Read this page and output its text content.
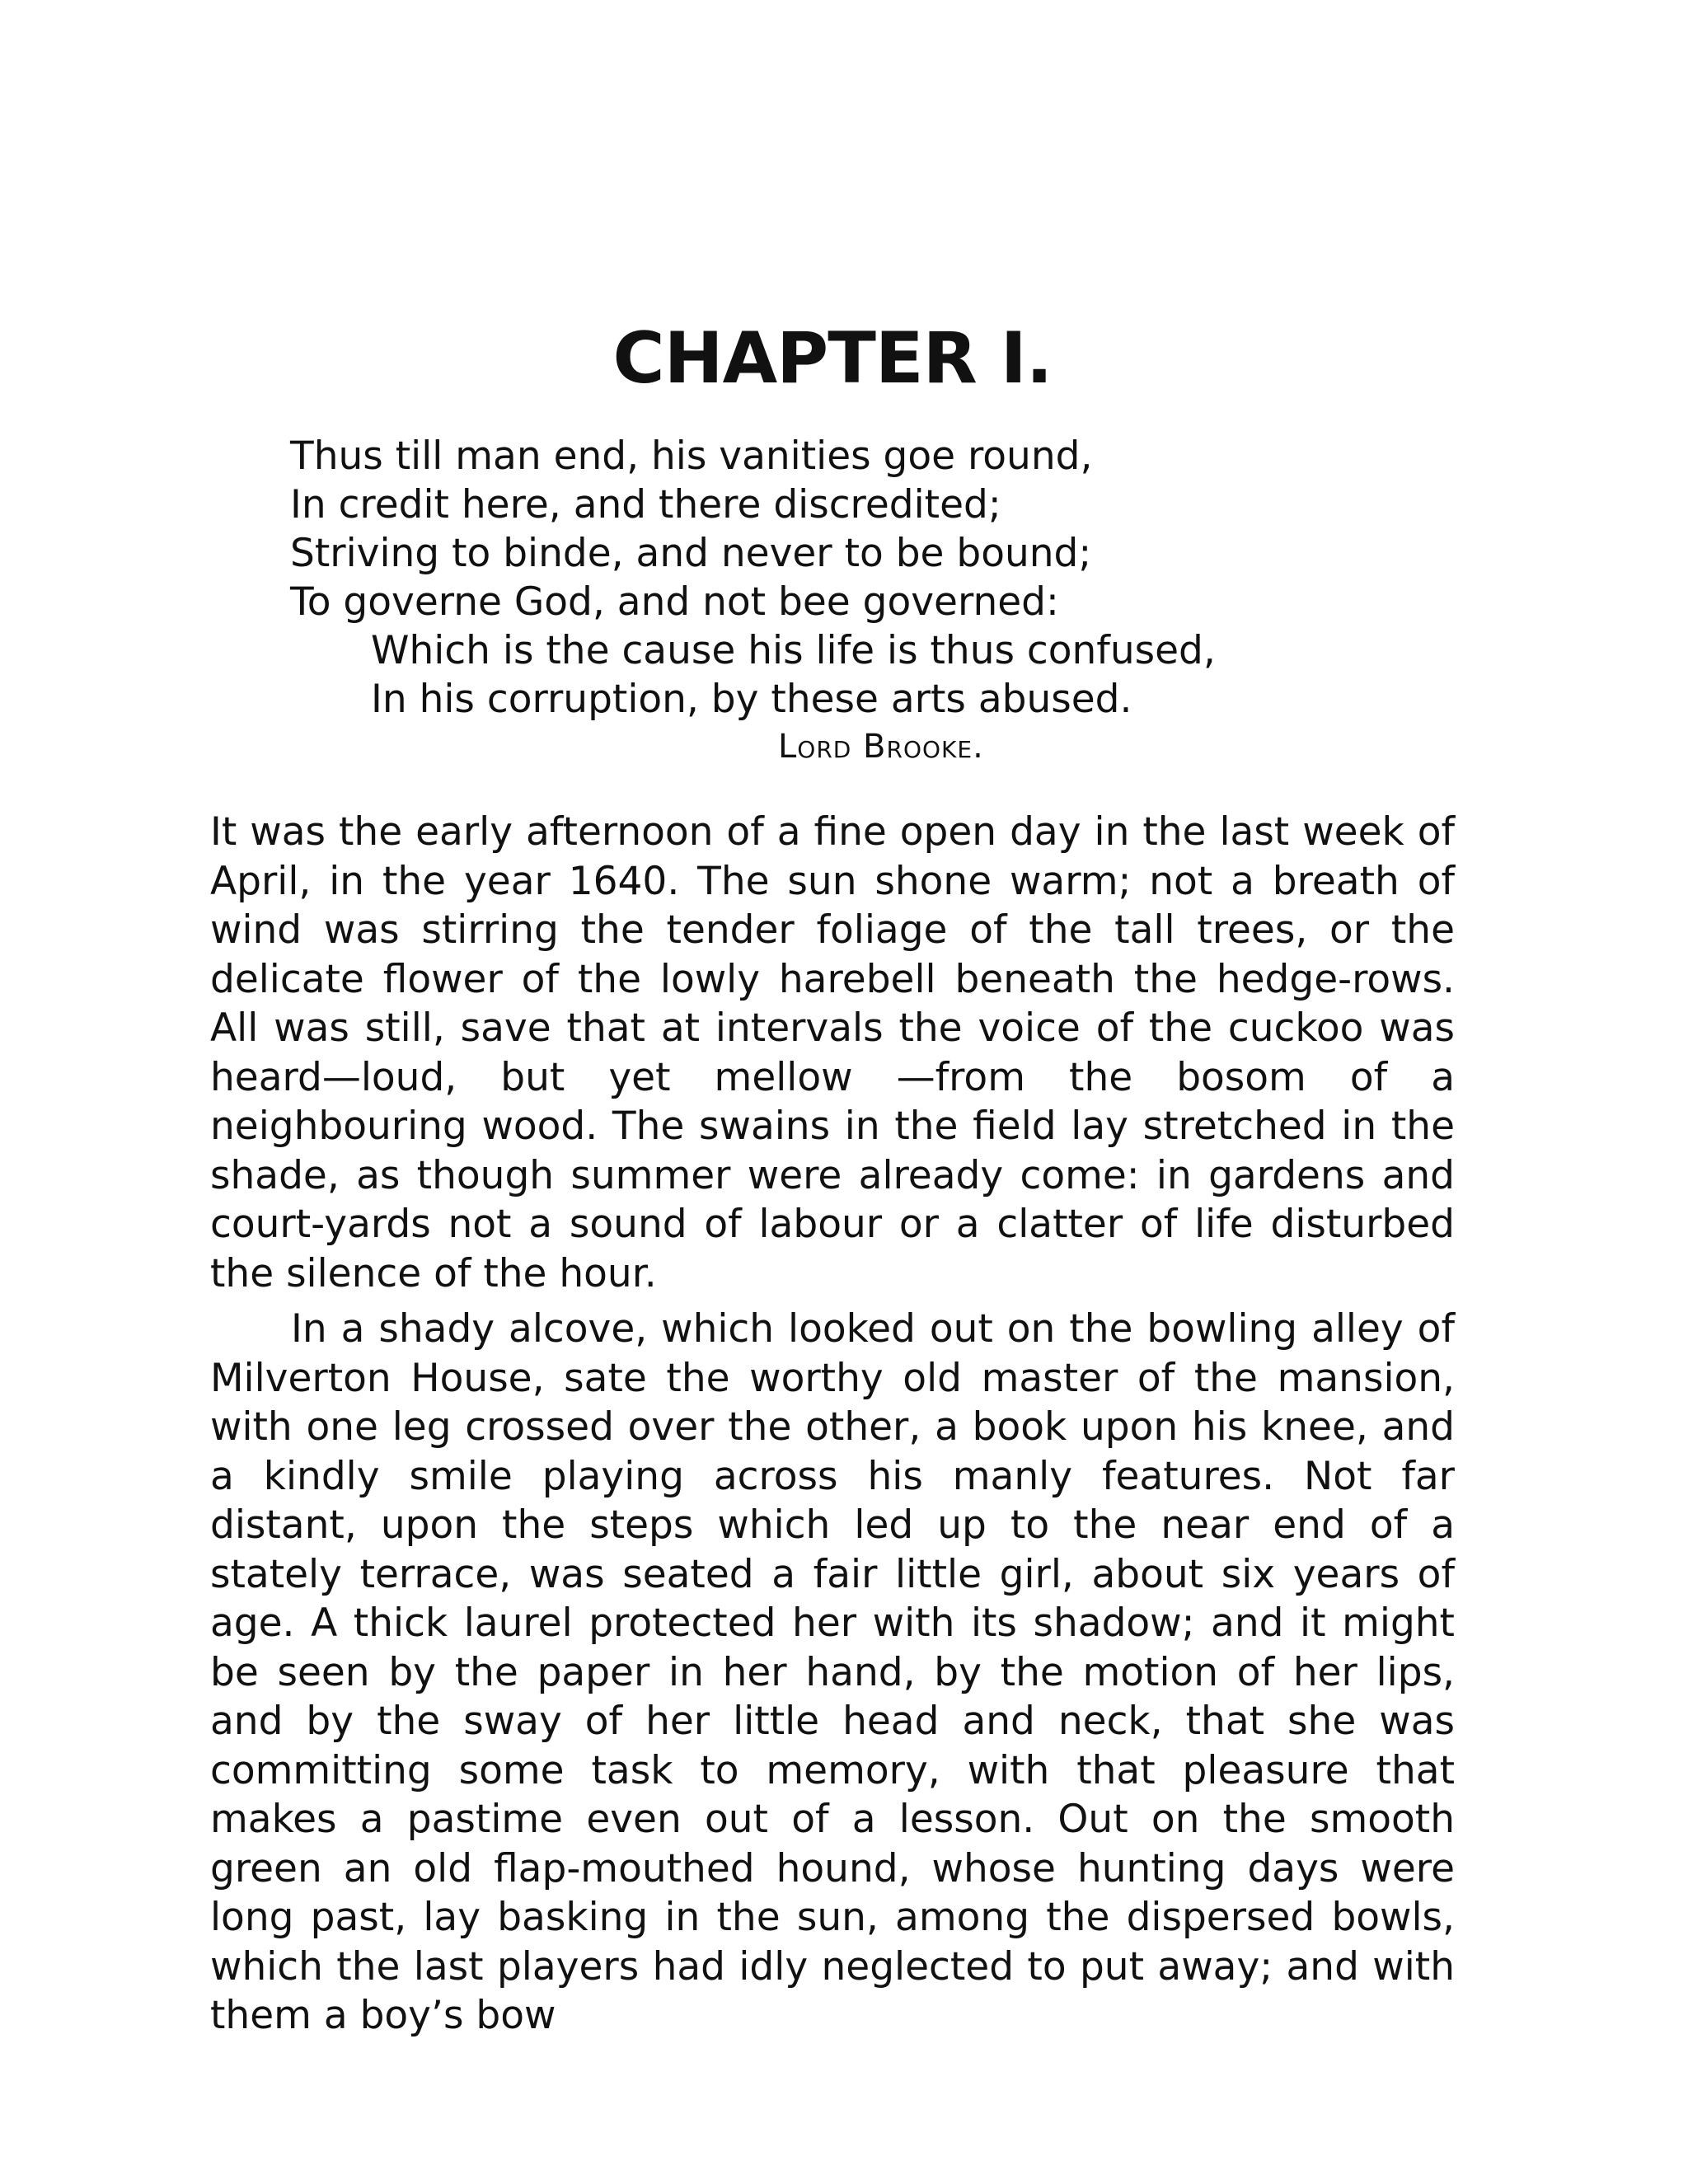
CHAPTER I.
Thus till man end, his vanities goe round,
In credit here, and there discredited;
Striving to binde, and never to be bound;
To governe God, and not bee governed:
Which is the cause his life is thus confused,
In his corruption, by these arts abused.
Lord Brooke.

It was the early afternoon of a fine open day in the last week of April, in the year 1640. The sun shone warm; not a breath of wind was stirring the tender foliage of the tall trees, or the delicate flower of the lowly harebell beneath the hedge-rows. All was still, save that at intervals the voice of the cuckoo was heard—loud, but yet mellow —from the bosom of a neighbouring wood. The swains in the field lay stretched in the shade, as though summer were already come: in gardens and court-yards not a sound of labour or a clatter of life disturbed the silence of the hour.

In a shady alcove, which looked out on the bowling alley of Milverton House, sate the worthy old master of the mansion, with one leg crossed over the other, a book upon his knee, and a kindly smile playing across his manly features. Not far distant, upon the steps which led up to the near end of a stately terrace, was seated a fair little girl, about six years of age. A thick laurel protected her with its shadow; and it might be seen by the paper in her hand, by the motion of her lips, and by the sway of her little head and neck, that she was committing some task to memory, with that pleasure that makes a pastime even out of a lesson. Out on the smooth green an old flap-mouthed hound, whose hunting days were long past, lay basking in the sun, among the dispersed bowls, which the last players had idly neglected to put away; and with them a boy’s bow
